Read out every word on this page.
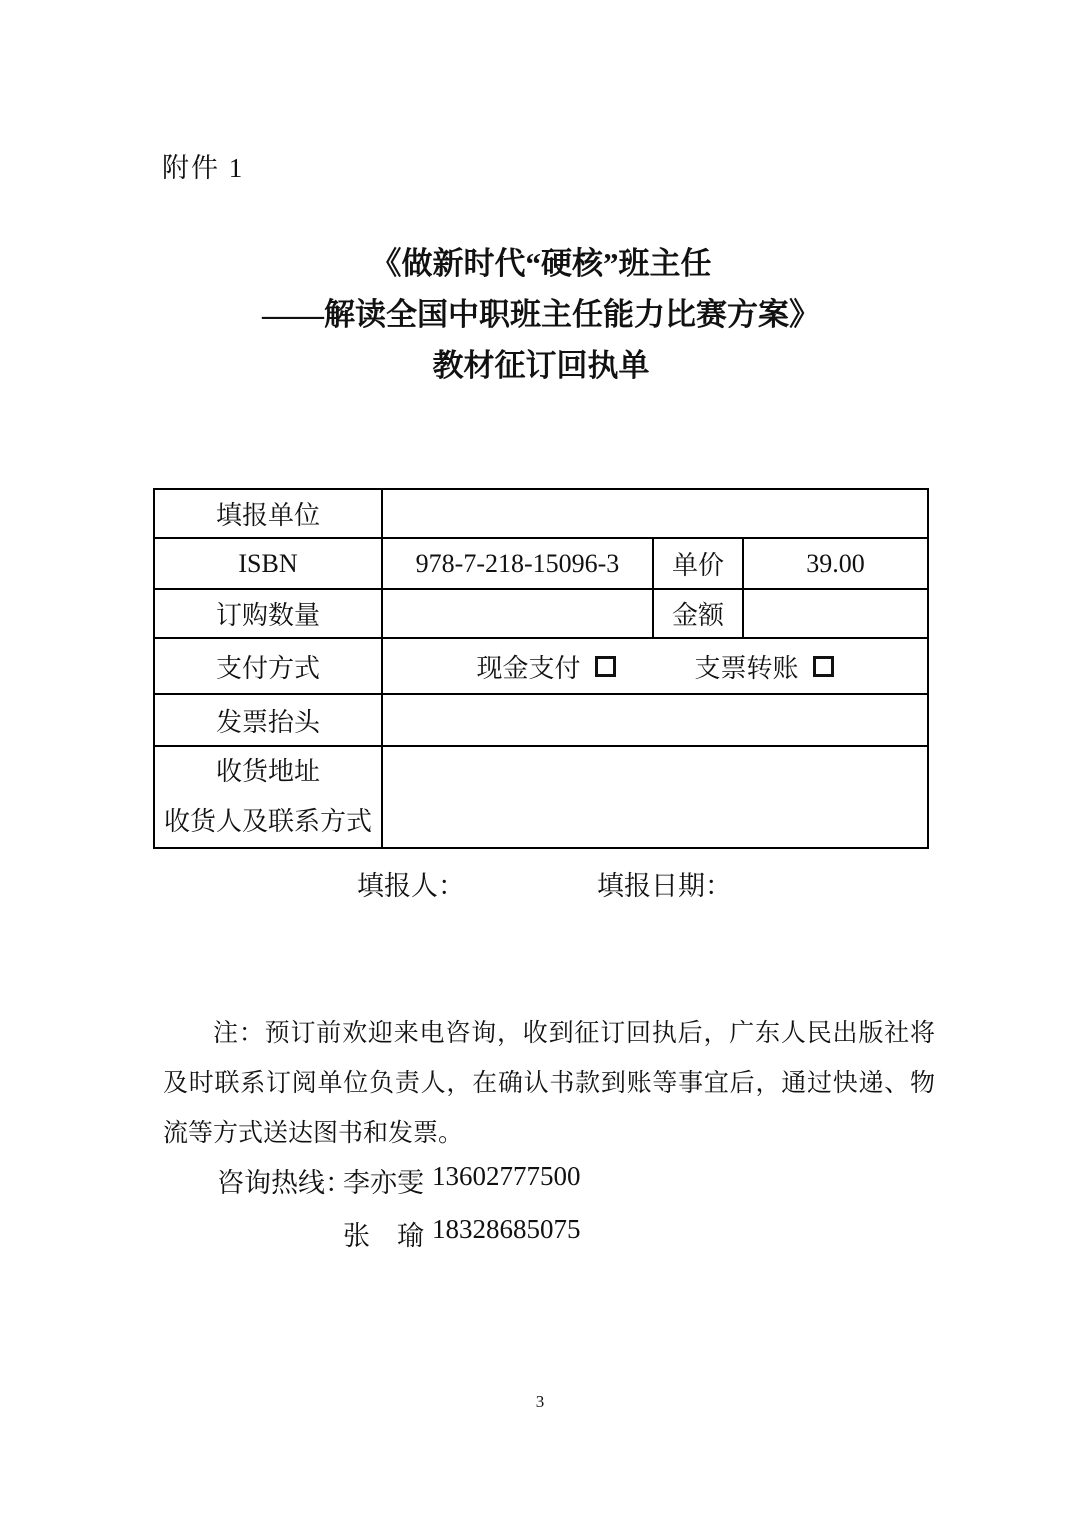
附件 1
《做新时代“硬核”班主任
——解读全国中职班主任能力比赛方案》
教材征订回执单
填报单位			
ISBN	978-7-218-15096-3	单价	39.00
订购数量		金额	
支付方式	现金支付 支票转账		

发票抬头			

收货地址
收货人及联系方式			

填报人：	填报日期：
注：预订前欢迎来电咨询，收到征订回执后，广东人民出版社将及时联系订阅单位负责人，在确认书款到账等事宜后，通过快递、物流等方式送达图书和发票。
咨询热线：
李亦雯 13602777500
张　瑜 18328685075
3
